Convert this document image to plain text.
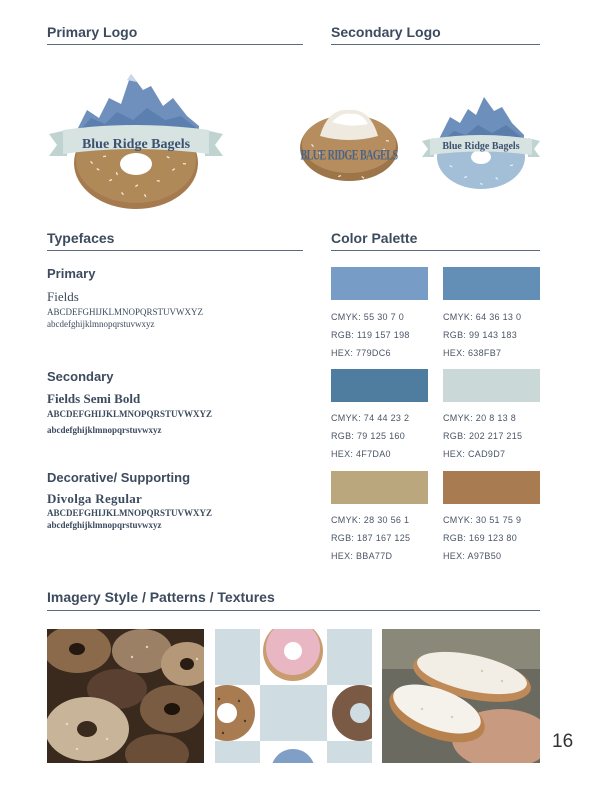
Primary Logo	Secondary Logo
Blue Ridge Bagels
BLUE RIDGE BAGELS
Blue Ridge Bagels
Typefaces	Color Palette
Primary
Fields
ABCDEFGHIJKLMNOPQRSTUVWXYZ
abcdefghijklmnopqrstuvwxyz
Secondary
Fields Semi Bold
ABCDEFGHIJKLMNOPQRSTUVWXYZ
abcdefghijklmnopqrstuvwxyz
Decorative/ Supporting
Divolga Regular
ABCDEFGHIJKLMNOPQRSTUVWXYZ
abcdefghijklmnopqrstuvwxyz
CMYK: 55 30 7 0
RGB: 119 157 198
HEX: 779DC6
CMYK: 64 36 13 0
RGB: 99 143 183
HEX: 638FB7
CMYK: 74 44 23 2
RGB: 79 125 160
HEX: 4F7DA0
CMYK: 20 8 13 8
RGB: 202 217 215
HEX: CAD9D7
CMYK: 28 30 56 1
RGB: 187 167 125
HEX: BBA77D
CMYK: 30 51 75 9
RGB: 169 123 80
HEX: A97B50
Imagery Style / Patterns / Textures
16
